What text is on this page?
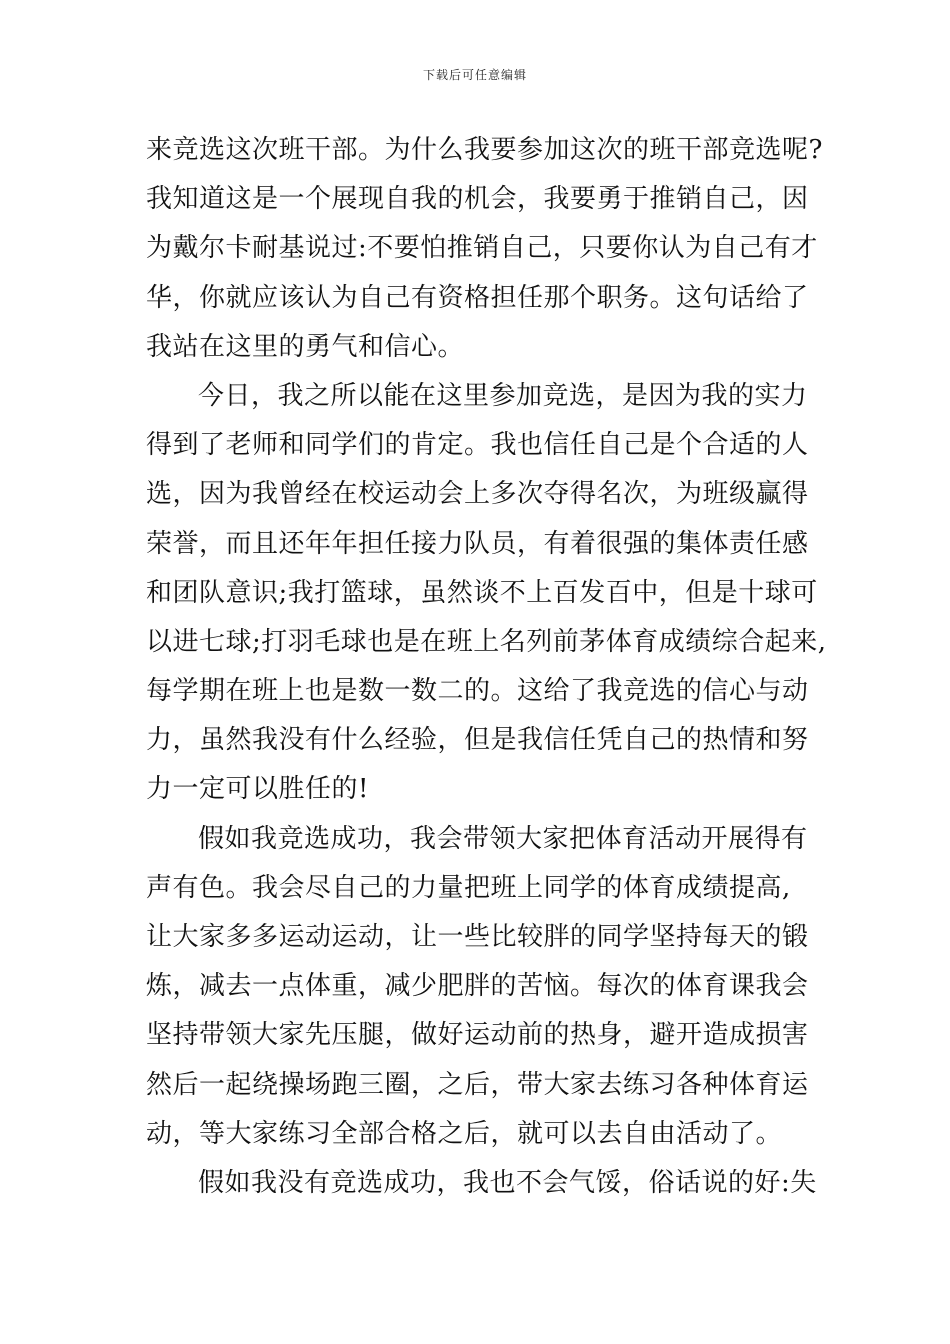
下载后可任意编辑
来竞选这次班干部。为什么我要参加这次的班干部竞选呢?
我知道这是一个展现自我的机会，我要勇于推销自己，因
为戴尔卡耐基说过:不要怕推销自己，只要你认为自己有才
华，你就应该认为自己有资格担任那个职务。这句话给了
我站在这里的勇气和信心。
今日，我之所以能在这里参加竞选，是因为我的实力
得到了老师和同学们的肯定。我也信任自己是个合适的人
选，因为我曾经在校运动会上多次夺得名次，为班级赢得
荣誉，而且还年年担任接力队员，有着很强的集体责任感
和团队意识;我打篮球，虽然谈不上百发百中，但是十球可
以进七球;打羽毛球也是在班上名列前茅体育成绩综合起来,
每学期在班上也是数一数二的。这给了我竞选的信心与动
力，虽然我没有什么经验，但是我信任凭自己的热情和努
力一定可以胜任的!
假如我竞选成功，我会带领大家把体育活动开展得有
声有色。我会尽自己的力量把班上同学的体育成绩提高,
让大家多多运动运动，让一些比较胖的同学坚持每天的锻
炼，减去一点体重，减少肥胖的苦恼。每次的体育课我会
坚持带领大家先压腿，做好运动前的热身，避开造成损害
然后一起绕操场跑三圈，之后，带大家去练习各种体育运
动，等大家练习全部合格之后，就可以去自由活动了。
假如我没有竞选成功，我也不会气馁，俗话说的好:失
